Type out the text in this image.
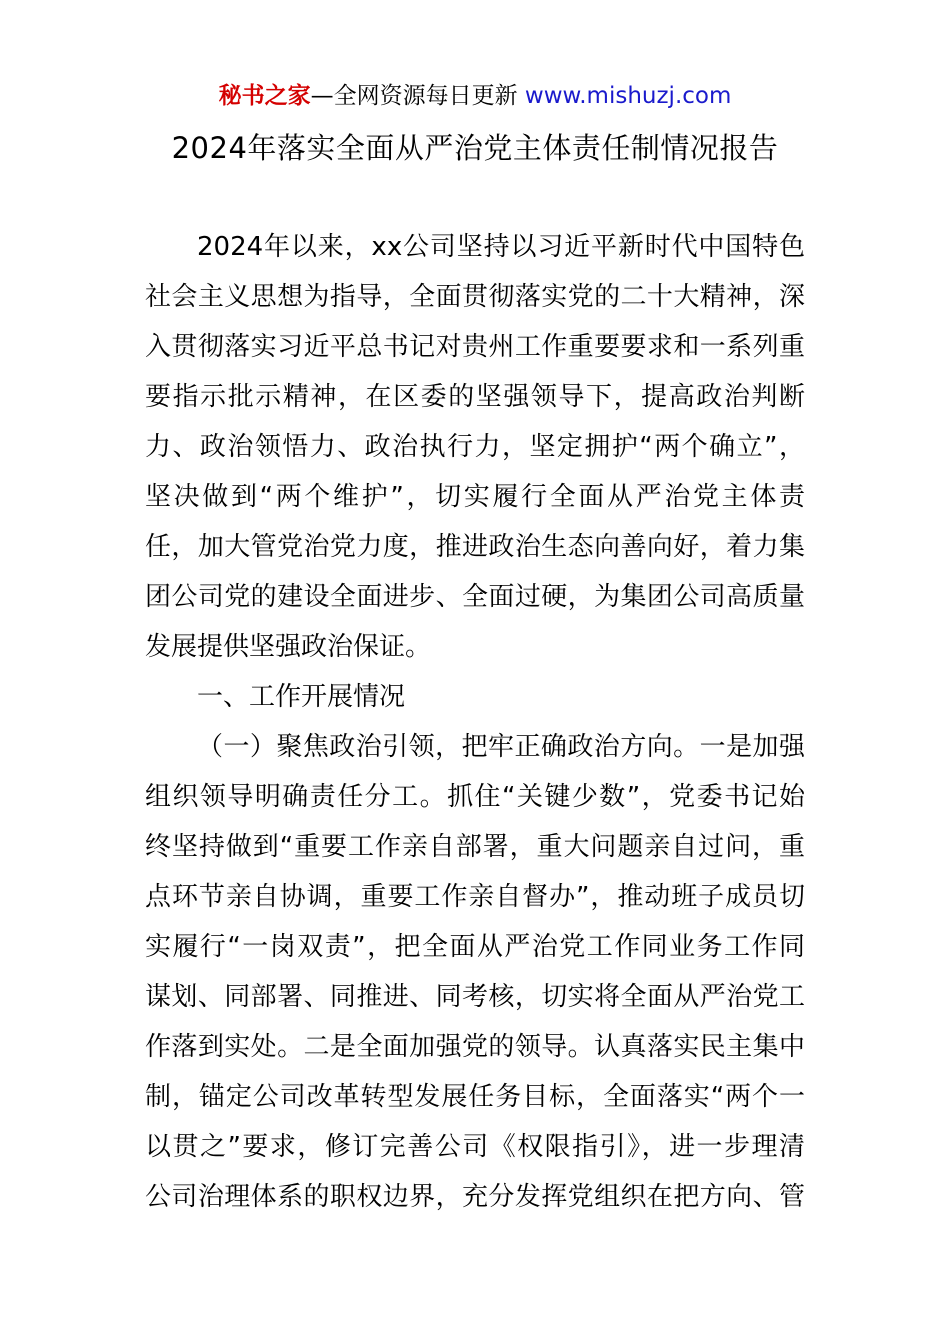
秘书之家—全网资源每日更新 www.mishuzj.com
2024年落实全面从严治党主体责任制情况报告
2024年以来，xx公司坚持以习近平新时代中国特色
社会主义思想为指导，全面贯彻落实党的二十大精神，深
入贯彻落实习近平总书记对贵州工作重要要求和一系列重
要指示批示精神，在区委的坚强领导下，提高政治判断
力、政治领悟力、政治执行力，坚定拥护“两个确立”，
坚决做到“两个维护”，切实履行全面从严治党主体责
任，加大管党治党力度，推进政治生态向善向好，着力集
团公司党的建设全面进步、全面过硬，为集团公司高质量
发展提供坚强政治保证。
一、工作开展情况
（一）聚焦政治引领，把牢正确政治方向。一是加强
组织领导明确责任分工。抓住“关键少数”，党委书记始
终坚持做到“重要工作亲自部署，重大问题亲自过问，重
点环节亲自协调，重要工作亲自督办”，推动班子成员切
实履行“一岗双责”，把全面从严治党工作同业务工作同
谋划、同部署、同推进、同考核，切实将全面从严治党工
作落到实处。二是全面加强党的领导。认真落实民主集中
制，锚定公司改革转型发展任务目标，全面落实“两个一
以贯之”要求，修订完善公司《权限指引》，进一步理清
公司治理体系的职权边界，充分发挥党组织在把方向、管
